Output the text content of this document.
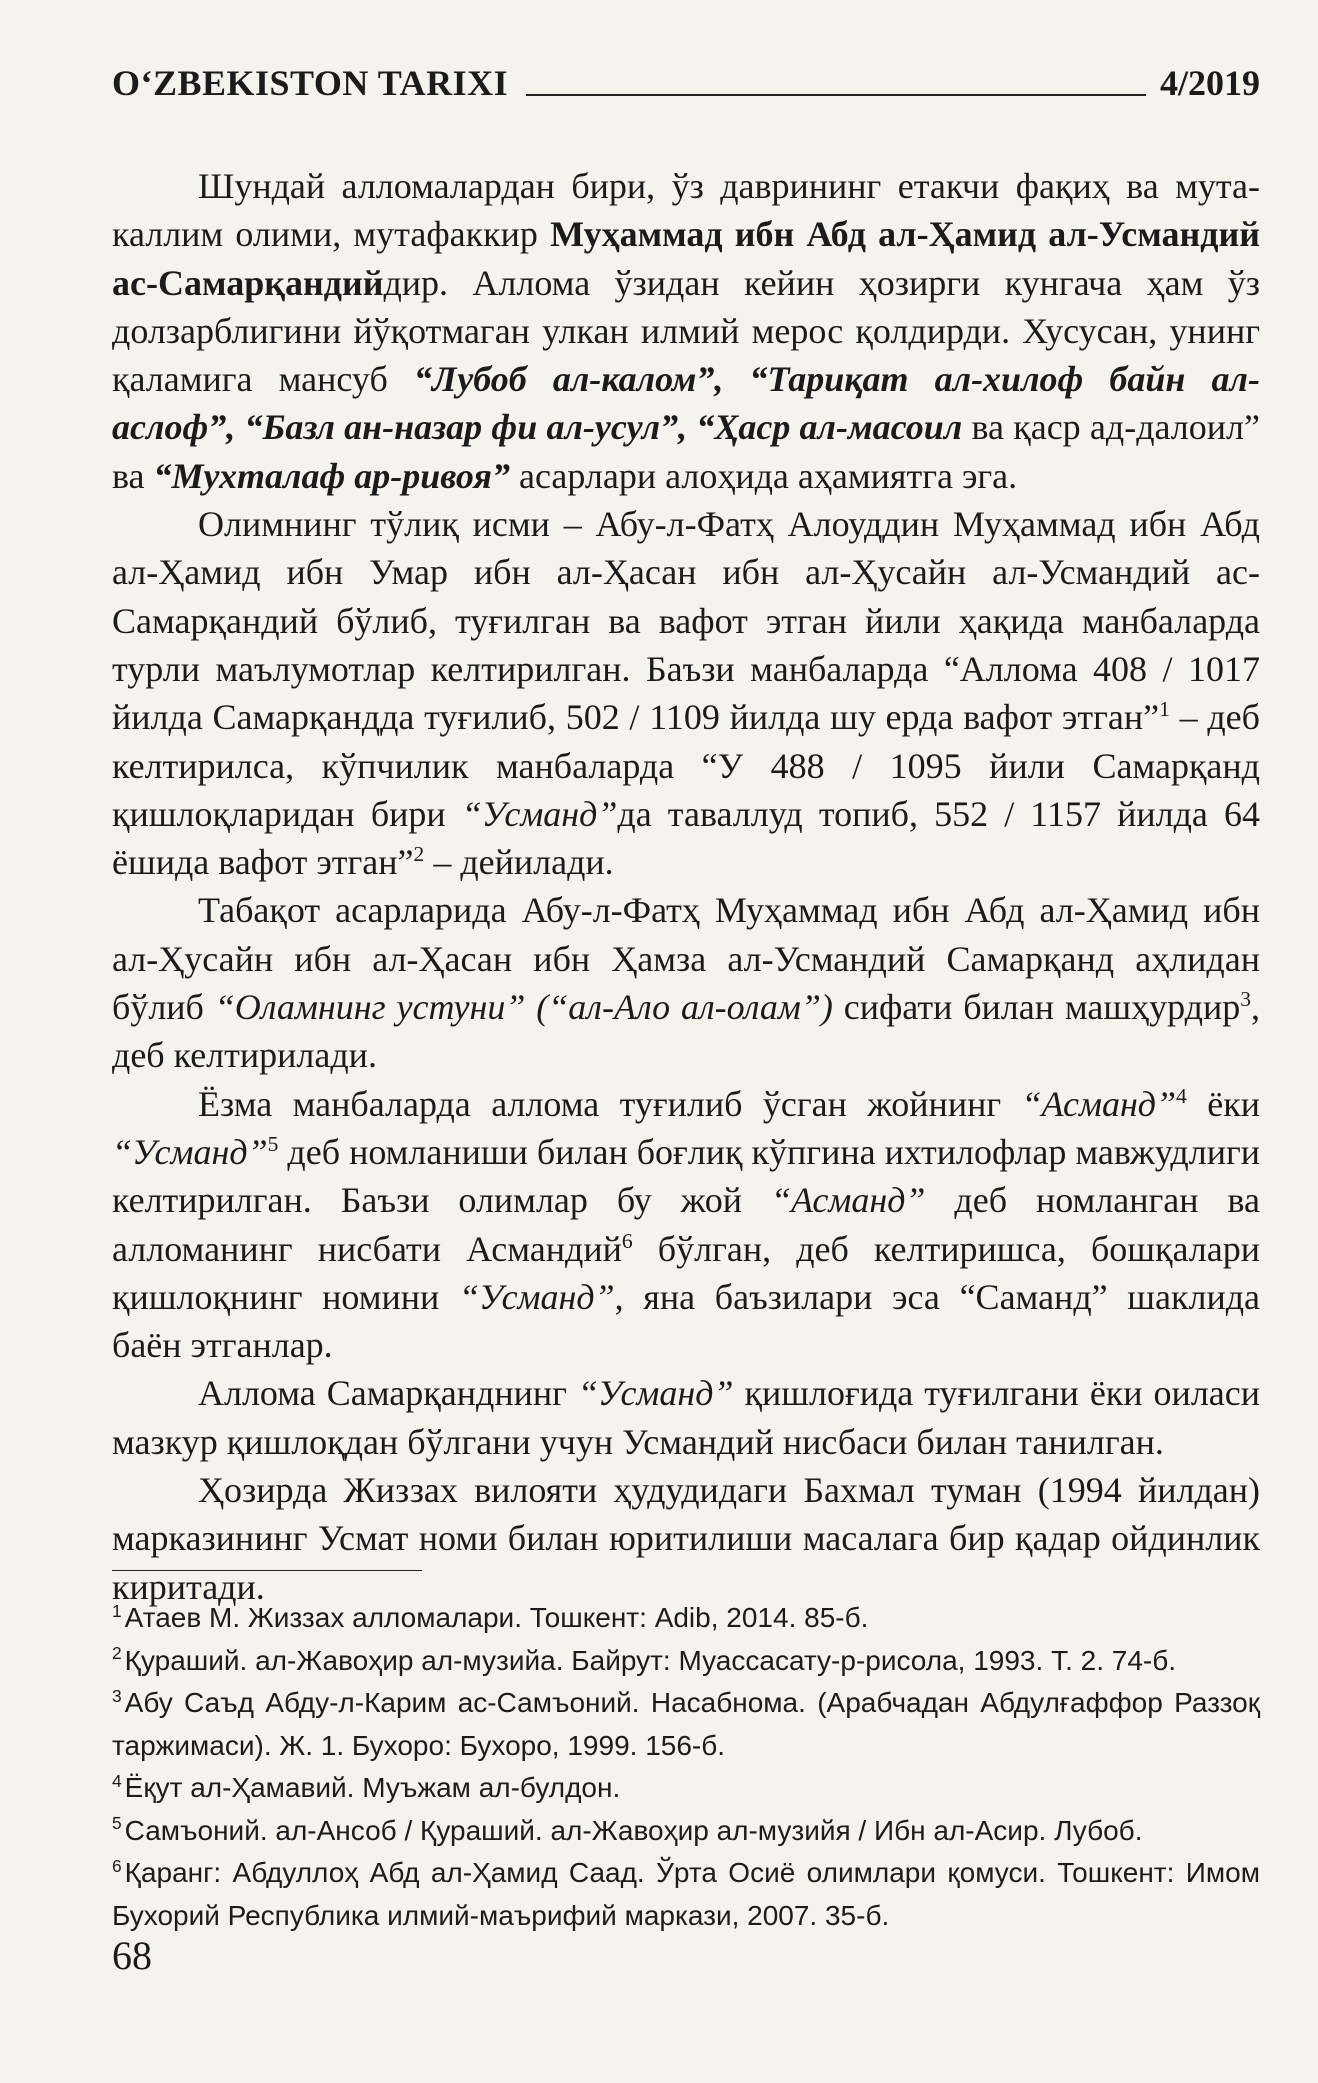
O‘ZBEKISTON TARIXI	4/2019

Шундай алломалардан бири, ўз даврининг етакчи фақиҳ ва мутакаллим олими, мутафаккир Муҳаммад ибн Абд ал-Ҳамид ал-Усмандий ас-Самарқандийдир. Аллома ўзидан кейин ҳозирги кунгача ҳам ўз долзарблигини йўқотмаган улкан илмий мерос қолдирди. Хусусан, унинг қаламига мансуб “Лубоб ал-калом”, “Тариқат ал-хилоф байн ал-аслоф”, “Базл ан-назар фи ал-усул”, “Ҳаср ал-масоил ва қаср ад-далоил” ва “Мухталаф ар-ривоя” асарлари алоҳида аҳамиятга эга.

Олимнинг тўлиқ исми – Абу-л-Фатҳ Алоуддин Муҳаммад ибн Абд ал-Ҳамид ибн Умар ибн ал-Ҳасан ибн ал-Ҳусайн ал-Усмандий ас-Самарқандий бўлиб, туғилган ва вафот этган йили ҳақида манбаларда турли маълумотлар келтирилган. Баъзи манбаларда “Аллома 408 / 1017 йилда Самарқандда туғилиб, 502 / 1109 йилда шу ерда вафот этган”$^1$ – деб келтирилса, кўпчилик манбаларда “У 488 / 1095 йили Самарқанд қишлоқларидан бири “Усманд”да таваллуд топиб, 552 / 1157 йилда 64 ёшида вафот этган”$^2$ – дейилади.

Табақот асарларида Абу-л-Фатҳ Муҳаммад ибн Абд ал-Ҳамид ибн ал-Ҳусайн ибн ал-Ҳасан ибн Ҳамза ал-Усмандий Самарқанд аҳлидан бўлиб “Оламнинг устуни” (“ал-Ало ал-олам”) сифати билан машҳурдир$^3$, деб келтирилади.

Ёзма манбаларда аллома туғилиб ўсган жойнинг “Асманд”$^4$ ёки “Усманд”$^5$ деб номланиши билан боғлиқ кўпгина ихтилофлар мавжудлиги келтирилган. Баъзи олимлар бу жой “Асманд” деб номланган ва алломанинг нисбати Асмандий$^6$ бўлган, деб келтиришса, бошқалари қишлоқнинг номини “Усманд”, яна баъзилари эса “Саманд” шаклида баён этганлар.

Аллома Самарқанднинг “Усманд” қишлоғида туғилгани ёки оиласи мазкур қишлоқдан бўлгани учун Усмандий нисбаси билан танилган.

Ҳозирда Жиззах вилояти ҳудудидаги Бахмал туман (1994 йилдан) марказининг Усмат номи билан юритилиши масалага бир қадар ойдинлик киритади.

$^1$ Атаев М. Жиззах алломалари. Тошкент: Adib, 2014. 85-б.

$^2$ Қураший. ал-Жавоҳир ал-музийа. Байрут: Муассасату-р-рисола, 1993. Т. 2. 74-б.

$^3$ Абу Саъд Абду-л-Карим ас-Самъоний. Насабнома. (Арабчадан Абдулғаффор Раззоқ таржимаси). Ж. 1. Бухоро: Бухоро, 1999. 156-б.

$^4$ Ёқут ал-Ҳамавий. Муъжам ал-булдон.

$^5$ Самъоний. ал-Ансоб / Қураший. ал-Жавоҳир ал-музийя / Ибн ал-Асир. Лубоб.

$^6$ Қаранг: Абдуллоҳ Абд ал-Ҳамид Саад. Ўрта Осиё олимлари қомуси. Тошкент: Имом Бухорий Республика илмий-маърифий маркази, 2007. 35-б.

68
